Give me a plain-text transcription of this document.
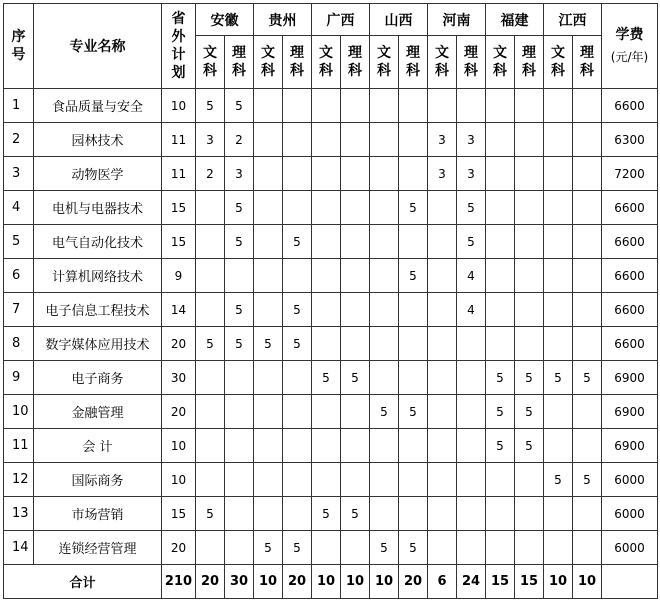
序号	专业名称	省外计划	安徽		贵州		广西		山西		河南		福建		江西		学费
(元/年)

			文科	理科	文科	理科	文科	理科	文科	理科	文科	理科	文科	理科	文科	理科	

1	食品质量与安全	10	5	5													6600
2	园林技术	11	3	2							3	3					6300
3	动物医学	11	2	3							3	3					7200
4	电机与电器技术	15		5						5		5					6600
5	电气自动化技术	15		5		5						5					6600
6	计算机网络技术	9								5		4					6600
7	电子信息工程技术	14		5		5						4					6600
8	数字媒体应用技术	20	5	5	5	5											6600
9	电子商务	30					5	5					5	5	5	5	6900
10	金融管理	20							5	5			5	5			6900
11	会 计	10											5	5			6900
12	国际商务	10													5	5	6000
13	市场营销	15	5				5	5									6000
14	连锁经营管理	20			5	5			5	5							6000
合计		210	20	30	10	20	10	10	10	20	6	24	15	15	10	10	
